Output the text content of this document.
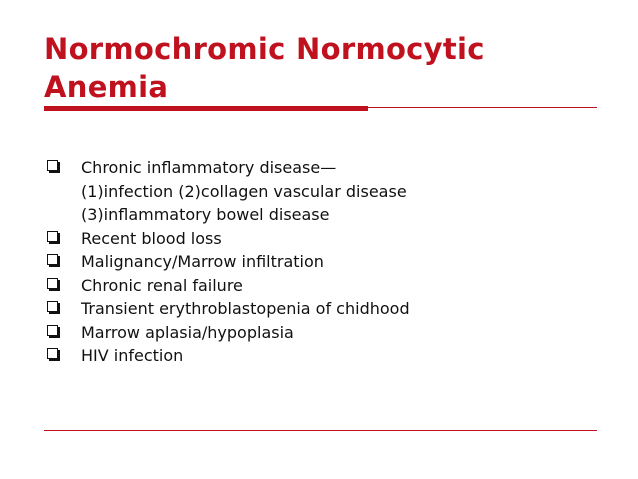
Normochromic Normocytic
Anemia
Chronic inflammatory disease—
(1)infection (2)collagen vascular disease
(3)inflammatory bowel disease
Recent blood loss
Malignancy/Marrow infiltration
Chronic renal failure
Transient erythroblastopenia of chidhood
Marrow aplasia/hypoplasia
HIV infection
